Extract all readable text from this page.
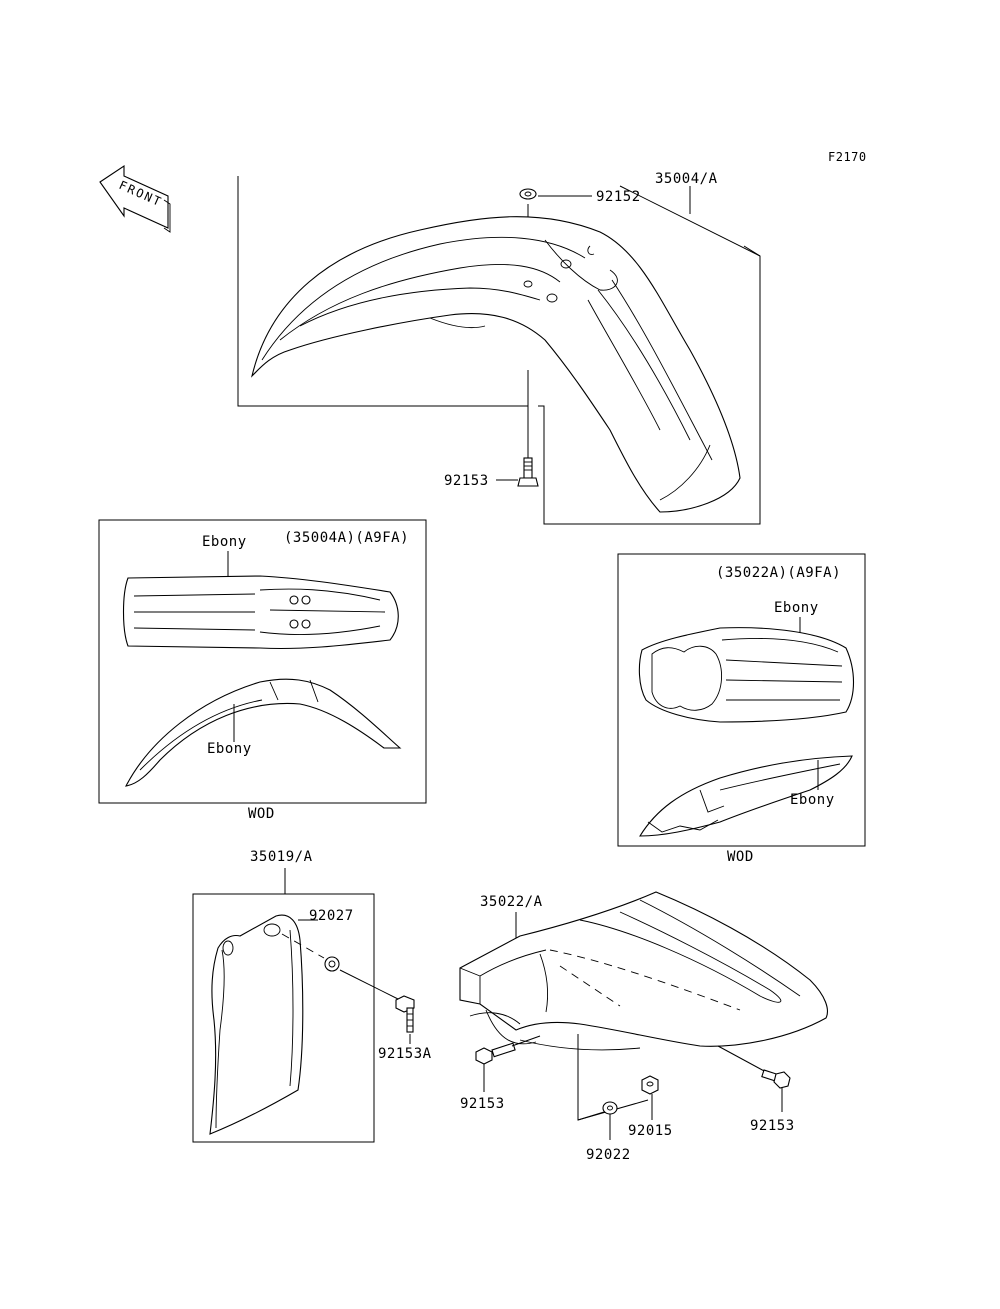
F2170
FRONT	92152
35004/A
92153
(35004A)(A9FA)
Ebony
Ebony
WOD
(35022A)(A9FA)
Ebony
Ebony
WOD
35019/A
92027
92153A
35022/A
92153
92022
92015	92153
